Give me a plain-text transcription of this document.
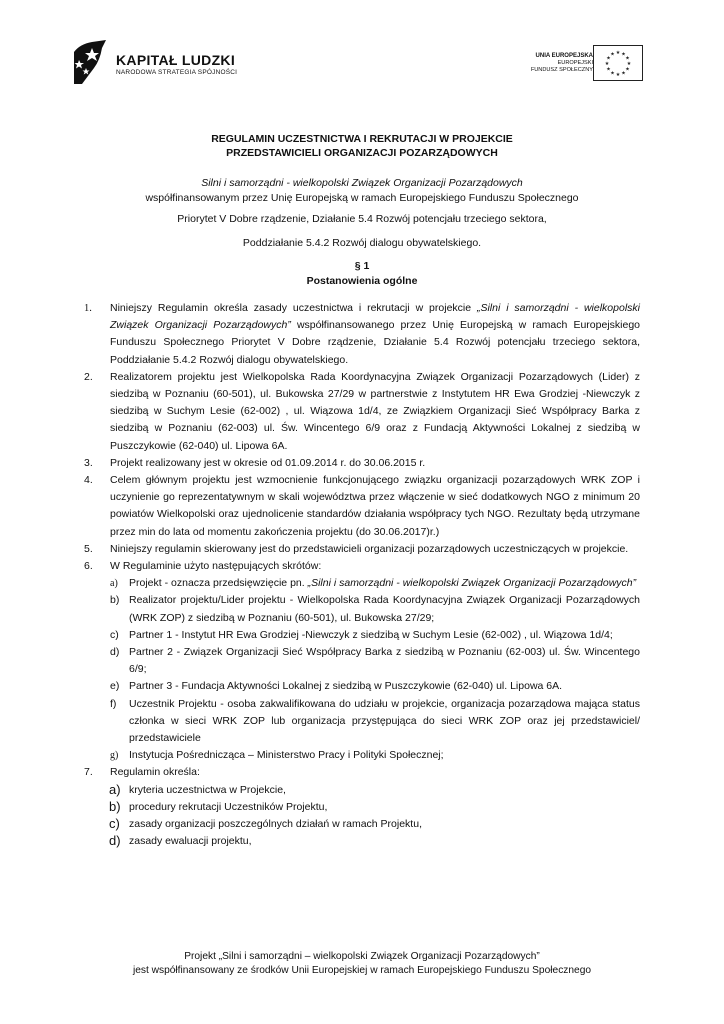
KAPITAŁ LUDZKI
NARODOWA STRATEGIA SPÓJNOŚCI
UNIA EUROPEJSKA
EUROPEJSKI
FUNDUSZ SPOŁECZNY
★
★
★
★
★
★
★
★
★ ★ ★
★
REGULAMIN UCZESTNICTWA I REKRUTACJI W PROJEKCIE
PRZEDSTAWICIELI ORGANIZACJI POZARZĄDOWYCH
Silni i samorządni - wielkopolski Związek Organizacji Pozarządowych
współfinansowanym przez Unię Europejską w ramach Europejskiego Funduszu Społecznego
Priorytet V Dobre rządzenie, Działanie 5.4 Rozwój potencjału trzeciego sektora,
Poddziałanie 5.4.2 Rozwój dialogu obywatelskiego.
§ 1
Postanowienia ogólne
1. Niniejszy Regulamin określa zasady uczestnictwa i rekrutacji w projekcie „Silni i samorządni - wielkopolski Związek Organizacji Pozarządowych” współfinansowanego przez Unię Europejską w ramach Europejskiego Funduszu Społecznego Priorytet V Dobre rządzenie, Działanie 5.4 Rozwój potencjału trzeciego sektora, Poddziałanie 5.4.2 Rozwój dialogu obywatelskiego.
2. Realizatorem projektu jest Wielkopolska Rada Koordynacyjna Związek Organizacji Pozarządowych (Lider) z siedzibą w Poznaniu (60-501), ul. Bukowska 27/29 w partnerstwie z Instytutem HR Ewa Grodziej -Niewczyk z siedzibą w Suchym Lesie (62-002) , ul. Wiązowa 1d/4, ze Związkiem Organizacji Sieć Współpracy Barka z siedzibą w Poznaniu (62-003) ul. Św. Wincentego 6/9 oraz z Fundacją Aktywności Lokalnej z siedzibą w Puszczykowie (62-040) ul. Lipowa 6A.
3. Projekt realizowany jest w okresie od 01.09.2014 r. do 30.06.2015 r.
4. Celem głównym projektu jest wzmocnienie funkcjonującego związku organizacji pozarządowych WRK ZOP i uczynienie go reprezentatywnym w skali województwa przez włączenie w sieć dodatkowych NGO z minimum 20 powiatów Wielkopolski oraz ujednolicenie standardów działania współpracy tych NGO. Rezultaty będą utrzymane przez min do lata od momentu zakończenia projektu (do 30.06.2017)r.)
5. Niniejszy regulamin skierowany jest do przedstawicieli organizacji pozarządowych uczestniczących w projekcie.
6. W Regulaminie użyto następujących skrótów:
a) Projekt - oznacza przedsięwzięcie pn. „Silni i samorządni - wielkopolski Związek Organizacji Pozarządowych”
b) Realizator projektu/Lider projektu - Wielkopolska Rada Koordynacyjna Związek Organizacji Pozarządowych (WRK ZOP) z siedzibą w Poznaniu (60-501), ul. Bukowska 27/29;
c) Partner 1 - Instytut HR Ewa Grodziej -Niewczyk z siedzibą w Suchym Lesie (62-002) , ul. Wiązowa 1d/4;
d) Partner 2 - Związek Organizacji Sieć Współpracy Barka z siedzibą w Poznaniu (62-003) ul. Św. Wincentego 6/9;
e) Partner 3 - Fundacja Aktywności Lokalnej z siedzibą w Puszczykowie (62-040) ul. Lipowa 6A.
f) Uczestnik Projektu - osoba zakwalifikowana do udziału w projekcie, organizacja pozarządowa mająca status członka w sieci WRK ZOP lub organizacja przystępująca do sieci WRK ZOP oraz jej przedstawiciel/ przedstawiciele
g) Instytucja Pośrednicząca – Ministerstwo Pracy i Polityki Społecznej;
7. Regulamin określa:
a) kryteria uczestnictwa w Projekcie,
b) procedury rekrutacji Uczestników Projektu,
c) zasady organizacji poszczególnych działań w ramach Projektu,
d) zasady ewaluacji projektu,
Projekt „Silni i samorządni – wielkopolski Związek Organizacji Pozarządowych”
jest współfinansowany ze środków Unii Europejskiej w ramach Europejskiego Funduszu Społecznego
